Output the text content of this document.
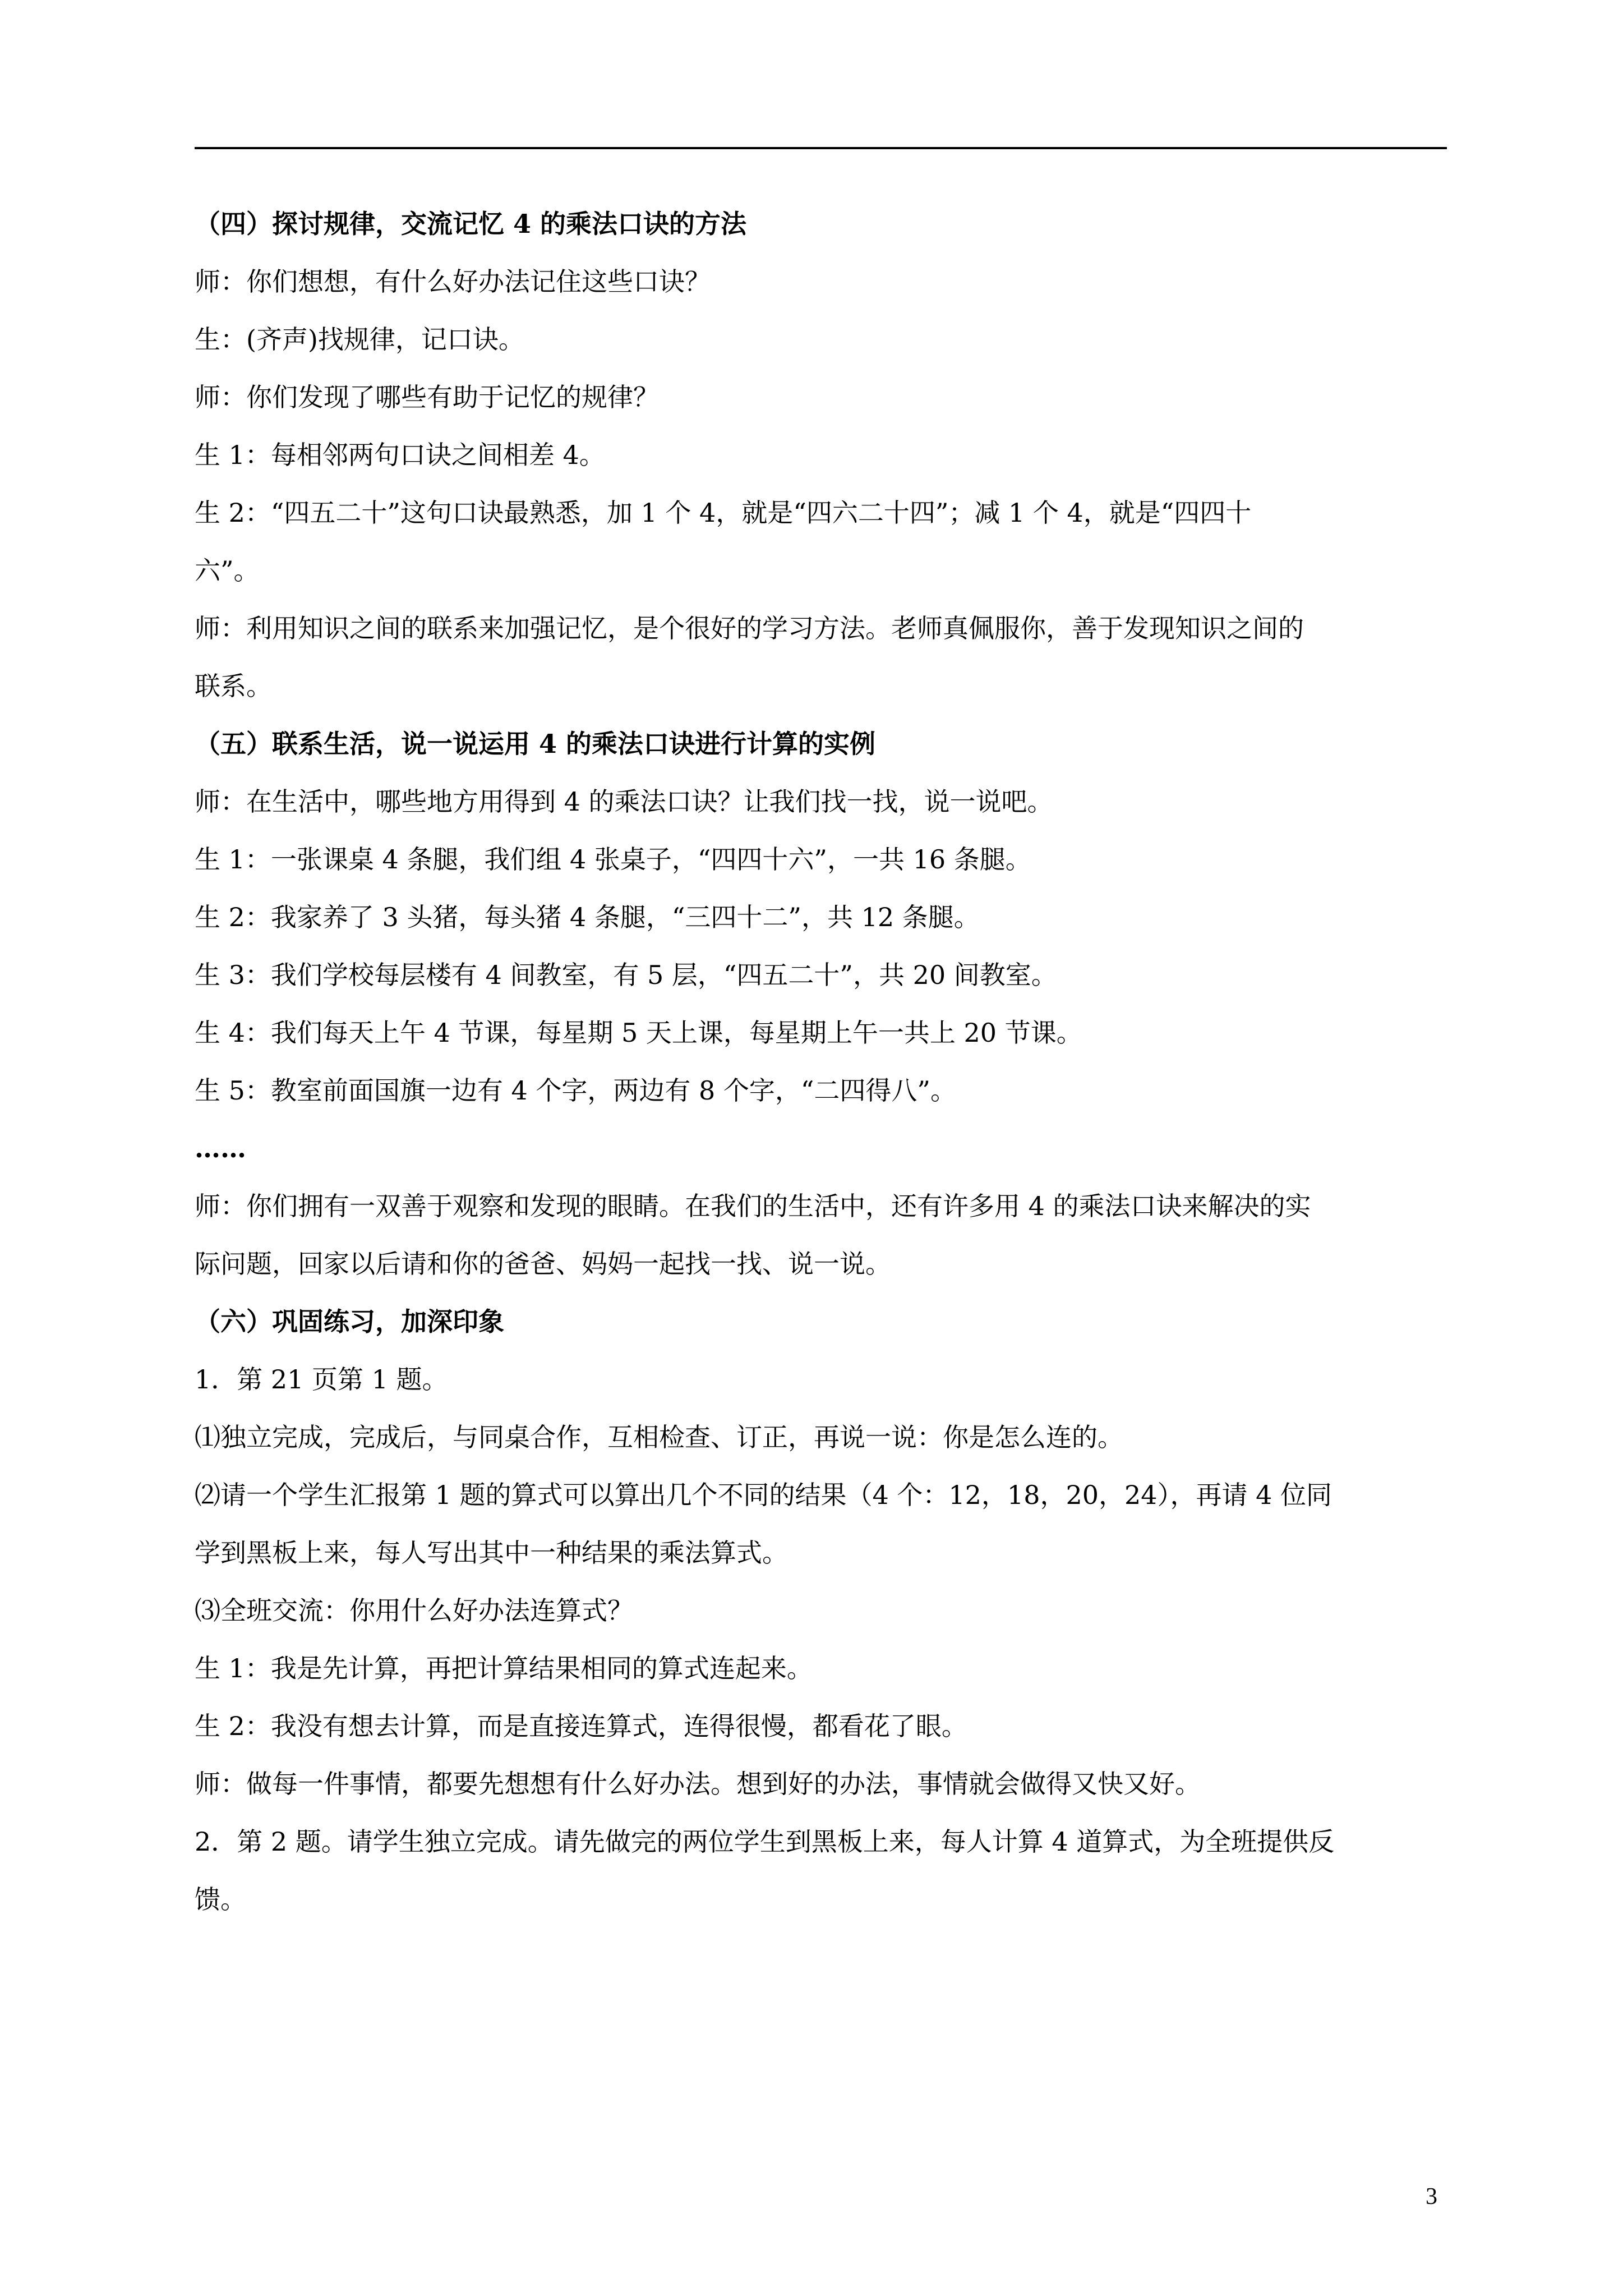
（四）探讨规律，交流记忆 4 的乘法口诀的方法

师：你们想想，有什么好办法记住这些口诀？

生：(齐声)找规律，记口诀。

师：你们发现了哪些有助于记忆的规律？

生 1：每相邻两句口诀之间相差 4。

生 2：“四五二十”这句口诀最熟悉，加 1 个 4，就是“四六二十四”；减 1 个 4，就是“四四十

六”。

师：利用知识之间的联系来加强记忆，是个很好的学习方法。老师真佩服你，善于发现知识之间的

联系。

（五）联系生活，说一说运用 4 的乘法口诀进行计算的实例

师：在生活中，哪些地方用得到 4 的乘法口诀？让我们找一找，说一说吧。

生 1：一张课桌 4 条腿，我们组 4 张桌子，“四四十六”，一共 16 条腿。

生 2：我家养了 3 头猪，每头猪 4 条腿，“三四十二”，共 12 条腿。

生 3：我们学校每层楼有 4 间教室，有 5 层，“四五二十”，共 20 间教室。

生 4：我们每天上午 4 节课，每星期 5 天上课，每星期上午一共上 20 节课。

生 5：教室前面国旗一边有 4 个字，两边有 8 个字，“二四得八”。

……

师：你们拥有一双善于观察和发现的眼睛。在我们的生活中，还有许多用 4 的乘法口诀来解决的实

际问题，回家以后请和你的爸爸、妈妈一起找一找、说一说。

（六）巩固练习，加深印象

1．第 21 页第 1 题。

⑴独立完成，完成后，与同桌合作，互相检查、订正，再说一说：你是怎么连的。

⑵请一个学生汇报第 1 题的算式可以算出几个不同的结果（4 个：12，18，20，24），再请 4 位同

学到黑板上来，每人写出其中一种结果的乘法算式。

⑶全班交流：你用什么好办法连算式？

生 1：我是先计算，再把计算结果相同的算式连起来。

生 2：我没有想去计算，而是直接连算式，连得很慢，都看花了眼。

师：做每一件事情，都要先想想有什么好办法。想到好的办法，事情就会做得又快又好。

2．第 2 题。请学生独立完成。请先做完的两位学生到黑板上来，每人计算 4 道算式，为全班提供反

馈。

3
